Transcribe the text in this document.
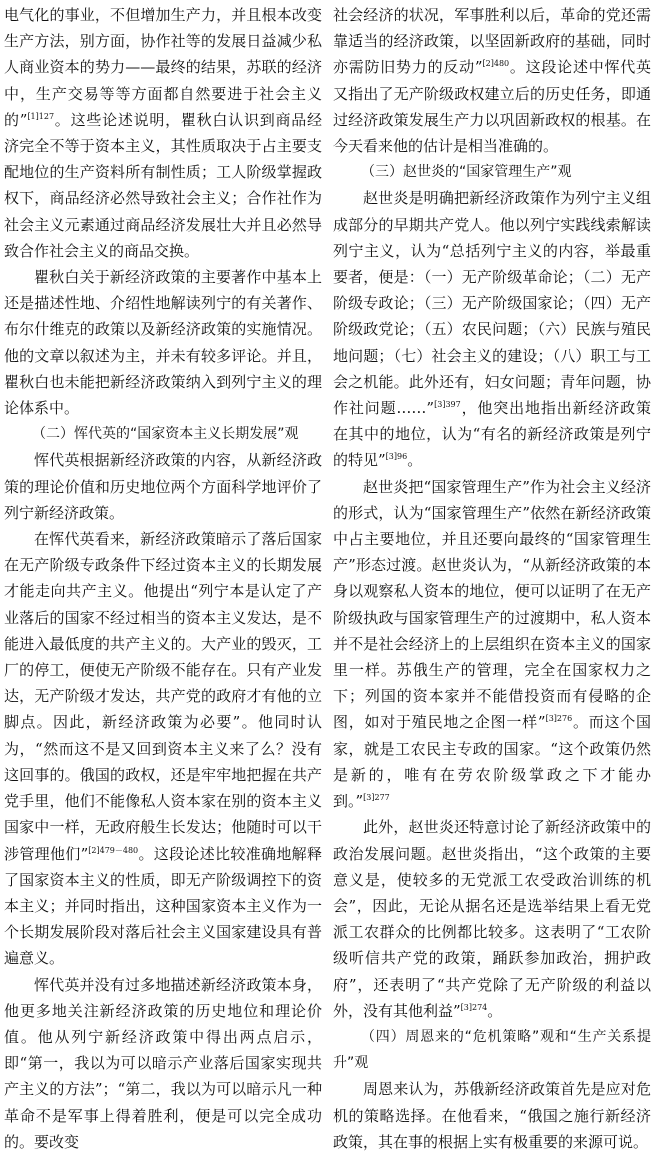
电气化的事业，不但增加生产力，并且根本改变生产方法，别方面，协作社等的发展日益减少私人商业资本的势力——最终的结果，苏联的经济中，生产交易等等方面都自然要进于社会主义的”$^{[1]127}$。这些论述说明，瞿秋白认识到商品经济完全不等于资本主义，其性质取决于占主要支配地位的生产资料所有制性质；工人阶级掌握政权下，商品经济必然导致社会主义；合作社作为社会主义元素通过商品经济发展壮大并且必然导致合作社会主义的商品交换。

瞿秋白关于新经济政策的主要著作中基本上还是描述性地、介绍性地解读列宁的有关著作、布尔什维克的政策以及新经济政策的实施情况。他的文章以叙述为主，并未有较多评论。并且，瞿秋白也未能把新经济政策纳入到列宁主义的理论体系中。

（二）恽代英的“国家资本主义长期发展”观

恽代英根据新经济政策的内容，从新经济政策的理论价值和历史地位两个方面科学地评价了列宁新经济政策。

在恽代英看来，新经济政策暗示了落后国家在无产阶级专政条件下经过资本主义的长期发展才能走向共产主义。他提出“列宁本是认定了产业落后的国家不经过相当的资本主义发达，是不能进入最低度的共产主义的。大产业的毁灭，工厂的停工，便使无产阶级不能存在。只有产业发达，无产阶级才发达，共产党的政府才有他的立脚点。因此，新经济政策为必要”。他同时认为，“然而这不是又回到资本主义来了么？没有这回事的。俄国的政权，还是牢牢地把握在共产党手里，他们不能像私人资本家在别的资本主义国家中一样，无政府般生长发达；他随时可以干涉管理他们”$^{[2]479-480}$。这段论述比较准确地解释了国家资本主义的性质，即无产阶级调控下的资本主义；并同时指出，这种国家资本主义作为一个长期发展阶段对落后社会主义国家建设具有普遍意义。

恽代英并没有过多地描述新经济政策本身，他更多地关注新经济政策的历史地位和理论价值。他从列宁新经济政策中得出两点启示，即“第一，我以为可以暗示产业落后国家实现共产主义的方法”；“第二，我以为可以暗示凡一种革命不是军事上得着胜利，便是可以完全成功的。要改变

社会经济的状况，军事胜利以后，革命的党还需靠适当的经济政策，以坚固新政府的基础，同时亦需防旧势力的反动”$^{[2]480}$。这段论述中恽代英又指出了无产阶级政权建立后的历史任务，即通过经济政策发展生产力以巩固新政权的根基。在今天看来他的估计是相当准确的。

（三）赵世炎的“国家管理生产”观

赵世炎是明确把新经济政策作为列宁主义组成部分的早期共产党人。他以列宁实践线索解读列宁主义，认为“总括列宁主义的内容，举最重要者，便是：（一）无产阶级革命论；（二）无产阶级专政论；（三）无产阶级国家论；（四）无产阶级政党论；（五）农民问题；（六）民族与殖民地问题；（七）社会主义的建设；（八）职工与工会之机能。此外还有，妇女问题；青年问题，协作社问题……”$^{[3]397}$，他突出地指出新经济政策在其中的地位，认为“有名的新经济政策是列宁的特见”$^{[3]96}$。

赵世炎把“国家管理生产”作为社会主义经济的形式，认为“国家管理生产”依然在新经济政策中占主要地位，并且还要向最终的“国家管理生产”形态过渡。赵世炎认为，“从新经济政策的本身以观察私人资本的地位，便可以证明了在无产阶级执政与国家管理生产的过渡期中，私人资本并不是社会经济上的上层组织在资本主义的国家里一样。苏俄生产的管理，完全在国家权力之下；列国的资本家并不能借投资而有侵略的企图，如对于殖民地之企图一样”$^{[3]276}$。而这个国家，就是工农民主专政的国家。“这个政策仍然是新的，唯有在劳农阶级掌政之下才能办到。”$^{[3]277}$

此外，赵世炎还特意讨论了新经济政策中的政治发展问题。赵世炎指出，“这个政策的主要意义是，使较多的无党派工农受政治训练的机会”，因此，无论从据名还是选举结果上看无党派工农群众的比例都比较多。这表明了“工农阶级听信共产党的政策，踊跃参加政治，拥护政府”，还表明了“共产党除了无产阶级的利益以外，没有其他利益”$^{[3]274}$。

（四）周恩来的“危机策略”观和“生产关系提升”观

周恩来认为，苏俄新经济政策首先是应对危机的策略选择。在他看来，“俄国之施行新经济政策，其在事的根据上实有极重要的来源可说。
